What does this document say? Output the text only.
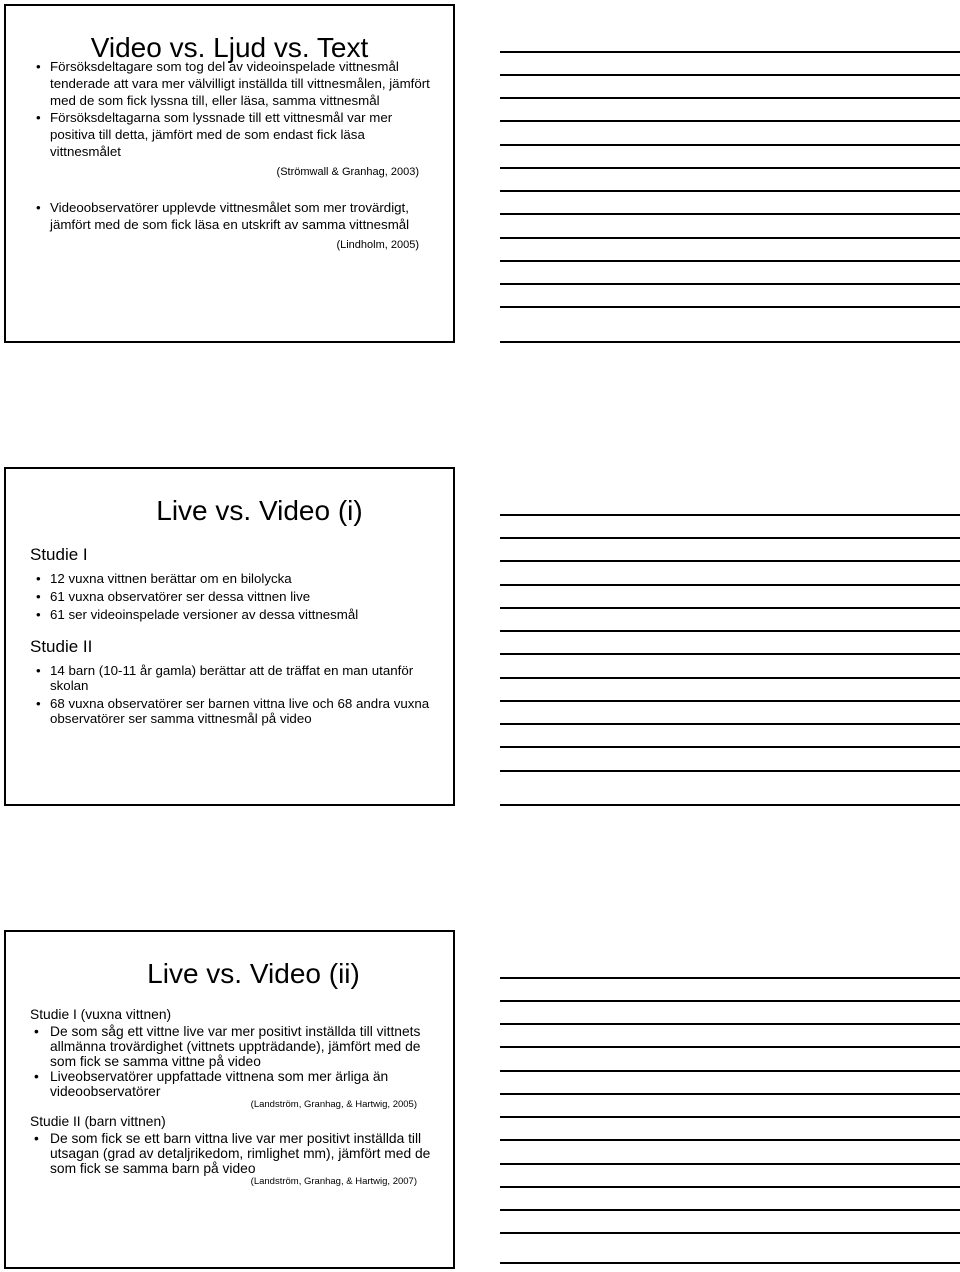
Video vs. Ljud vs. Text
• Försöksdeltagare som tog del av videoinspelade vittnesmål tenderade att vara mer välvilligt inställda till vittnesmålen, jämfört med de som fick lyssna till, eller läsa, samma vittnesmål
• Försöksdeltagarna som lyssnade till ett vittnesmål var mer positiva till detta, jämfört med de som endast fick läsa vittnesmålet
(Strömwall & Granhag, 2003)
• Videoobservatörer upplevde vittnesmålet som mer trovärdigt, jämfört med de som fick läsa en utskrift av samma vittnesmål
(Lindholm, 2005)
Live vs. Video (i)
Studie I
• 12 vuxna vittnen berättar om en bilolycka
• 61 vuxna observatörer ser dessa vittnen live
• 61 ser videoinspelade versioner av dessa vittnesmål
Studie II
• 14 barn (10-11 år gamla) berättar att de träffat en man utanför skolan
• 68 vuxna observatörer ser barnen vittna live och 68 andra vuxna observatörer ser samma vittnesmål på video
Live vs. Video (ii)
Studie I (vuxna vittnen)
• De som såg ett vittne live var mer positivt inställda till vittnets allmänna trovärdighet (vittnets uppträdande), jämfört med de som fick se samma vittne på video
• Liveobservatörer uppfattade vittnena som mer ärliga än videoobservatörer
(Landström, Granhag, & Hartwig, 2005)
Studie II (barn vittnen)
• De som fick se ett barn vittna live var mer positivt inställda till utsagan (grad av detaljrikedom, rimlighet mm), jämfört med de som fick se samma barn på video
(Landström, Granhag, & Hartwig, 2007)
